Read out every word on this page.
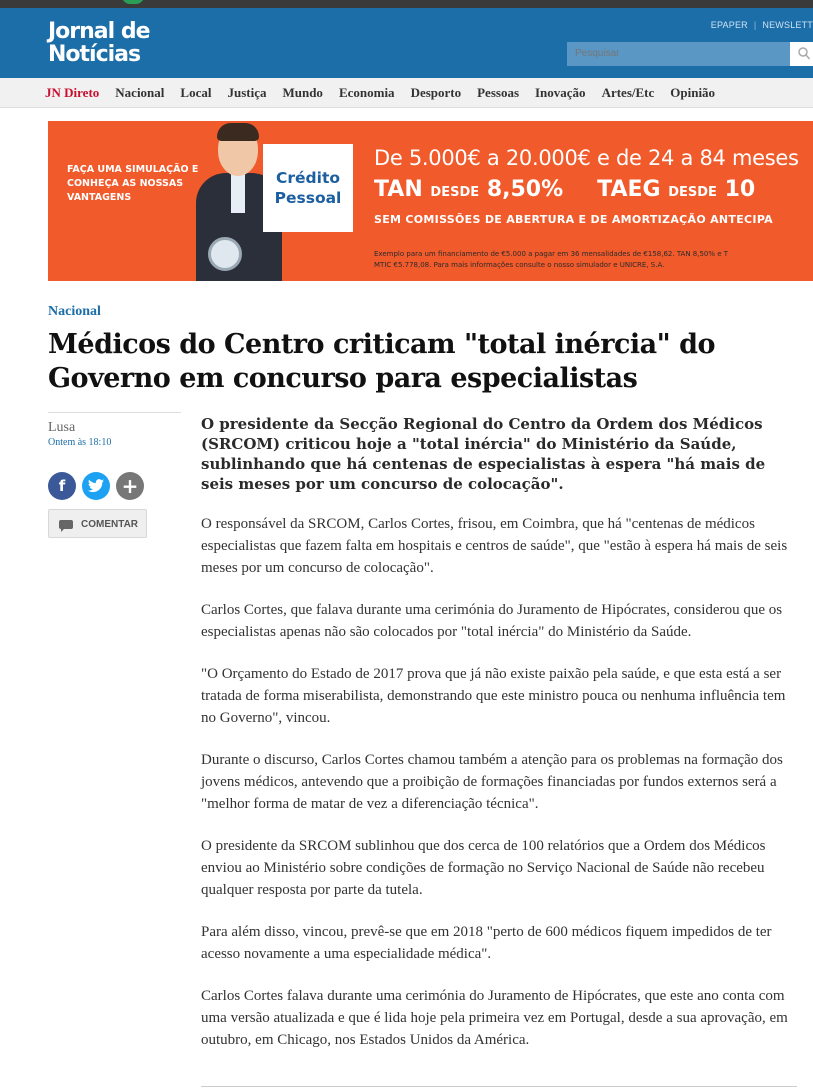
Jornal de
Notícias
EPAPER | NEWSLETT
Pesquisar
JN Direto Nacional Local Justiça Mundo Economia Desporto Pessoas Inovação Artes/Etc Opinião
FAÇA UMA SIMULAÇÃO E CONHEÇA AS NOSSAS VANTAGENS
Crédito
Pessoal
De 5.000€ a 20.000€ e de 24 a 84 meses
TAN DESDE 8,50% TAEG DESDE 10
SEM COMISSÕES DE ABERTURA E DE AMORTIZAÇÃO ANTECIPA
Exemplo para um financiamento de €5.000 a pagar em 36 mensalidades de €158,62. TAN 8,50% e T
MTIC €5.778,08. Para mais informações consulte o nosso simulador e UNICRE, S.A.
Nacional
Médicos do Centro criticam "total inércia" do Governo em concurso para especialistas
Lusa
Ontem às 18:10
f	+
COMENTAR

O presidente da Secção Regional do Centro da Ordem dos Médicos (SRCOM) criticou hoje a "total inércia" do Ministério da Saúde, sublinhando que há centenas de especialistas à espera "há mais de seis meses por um concurso de colocação".

O responsável da SRCOM, Carlos Cortes, frisou, em Coimbra, que há "centenas de médicos especialistas que fazem falta em hospitais e centros de saúde", que "estão à espera há mais de seis meses por um concurso de colocação".

Carlos Cortes, que falava durante uma cerimónia do Juramento de Hipócrates, considerou que os especialistas apenas não são colocados por "total inércia" do Ministério da Saúde.

"O Orçamento do Estado de 2017 prova que já não existe paixão pela saúde, e que esta está a ser tratada de forma miserabilista, demonstrando que este ministro pouca ou nenhuma influência tem no Governo", vincou.

Durante o discurso, Carlos Cortes chamou também a atenção para os problemas na formação dos jovens médicos, antevendo que a proibição de formações financiadas por fundos externos será a "melhor forma de matar de vez a diferenciação técnica".

O presidente da SRCOM sublinhou que dos cerca de 100 relatórios que a Ordem dos Médicos enviou ao Ministério sobre condições de formação no Serviço Nacional de Saúde não recebeu qualquer resposta por parte da tutela.

Para além disso, vincou, prevê-se que em 2018 "perto de 600 médicos fiquem impedidos de ter acesso novamente a uma especialidade médica".

Carlos Cortes falava durante uma cerimónia do Juramento de Hipócrates, que este ano conta com uma versão atualizada e que é lida hoje pela primeira vez em Portugal, desde a sua aprovação, em outubro, em Chicago, nos Estados Unidos da América.
